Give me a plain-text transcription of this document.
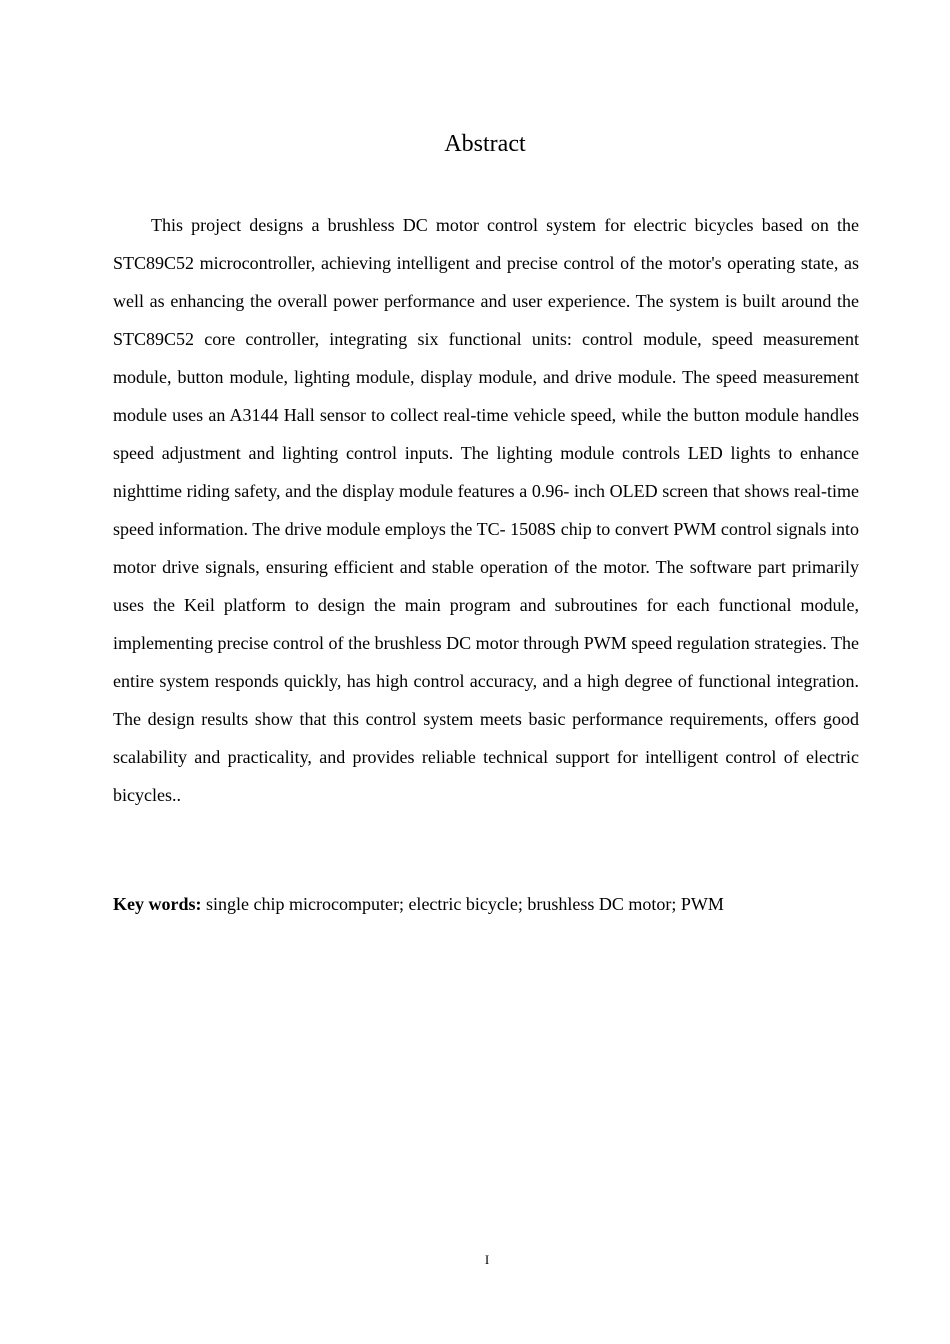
Abstract

This project designs a brushless DC motor control system for electric bicycles based on the STC89C52 microcontroller, achieving intelligent and precise control of the motor's operating state, as well as enhancing the overall power performance and user experience. The system is built around the STC89C52 core controller, integrating six functional units: control module, speed measurement module, button module, lighting module, display module, and drive module. The speed measurement module uses an A3144 Hall sensor to collect real-time vehicle speed, while the button module handles speed adjustment and lighting control inputs. The lighting module controls LED lights to enhance nighttime riding safety, and the display module features a 0.96- inch OLED screen that shows real-time speed information. The drive module employs the TC- 1508S chip to convert PWM control signals into motor drive signals, ensuring efficient and stable operation of the motor. The software part primarily uses the Keil platform to design the main program and subroutines for each functional module, implementing precise control of the brushless DC motor through PWM speed regulation strategies. The entire system responds quickly, has high control accuracy, and a high degree of functional integration. The design results show that this control system meets basic performance requirements, offers good scalability and practicality, and provides reliable technical support for intelligent control of electric bicycles..

Key words: single chip microcomputer; electric bicycle; brushless DC motor; PWM

I
